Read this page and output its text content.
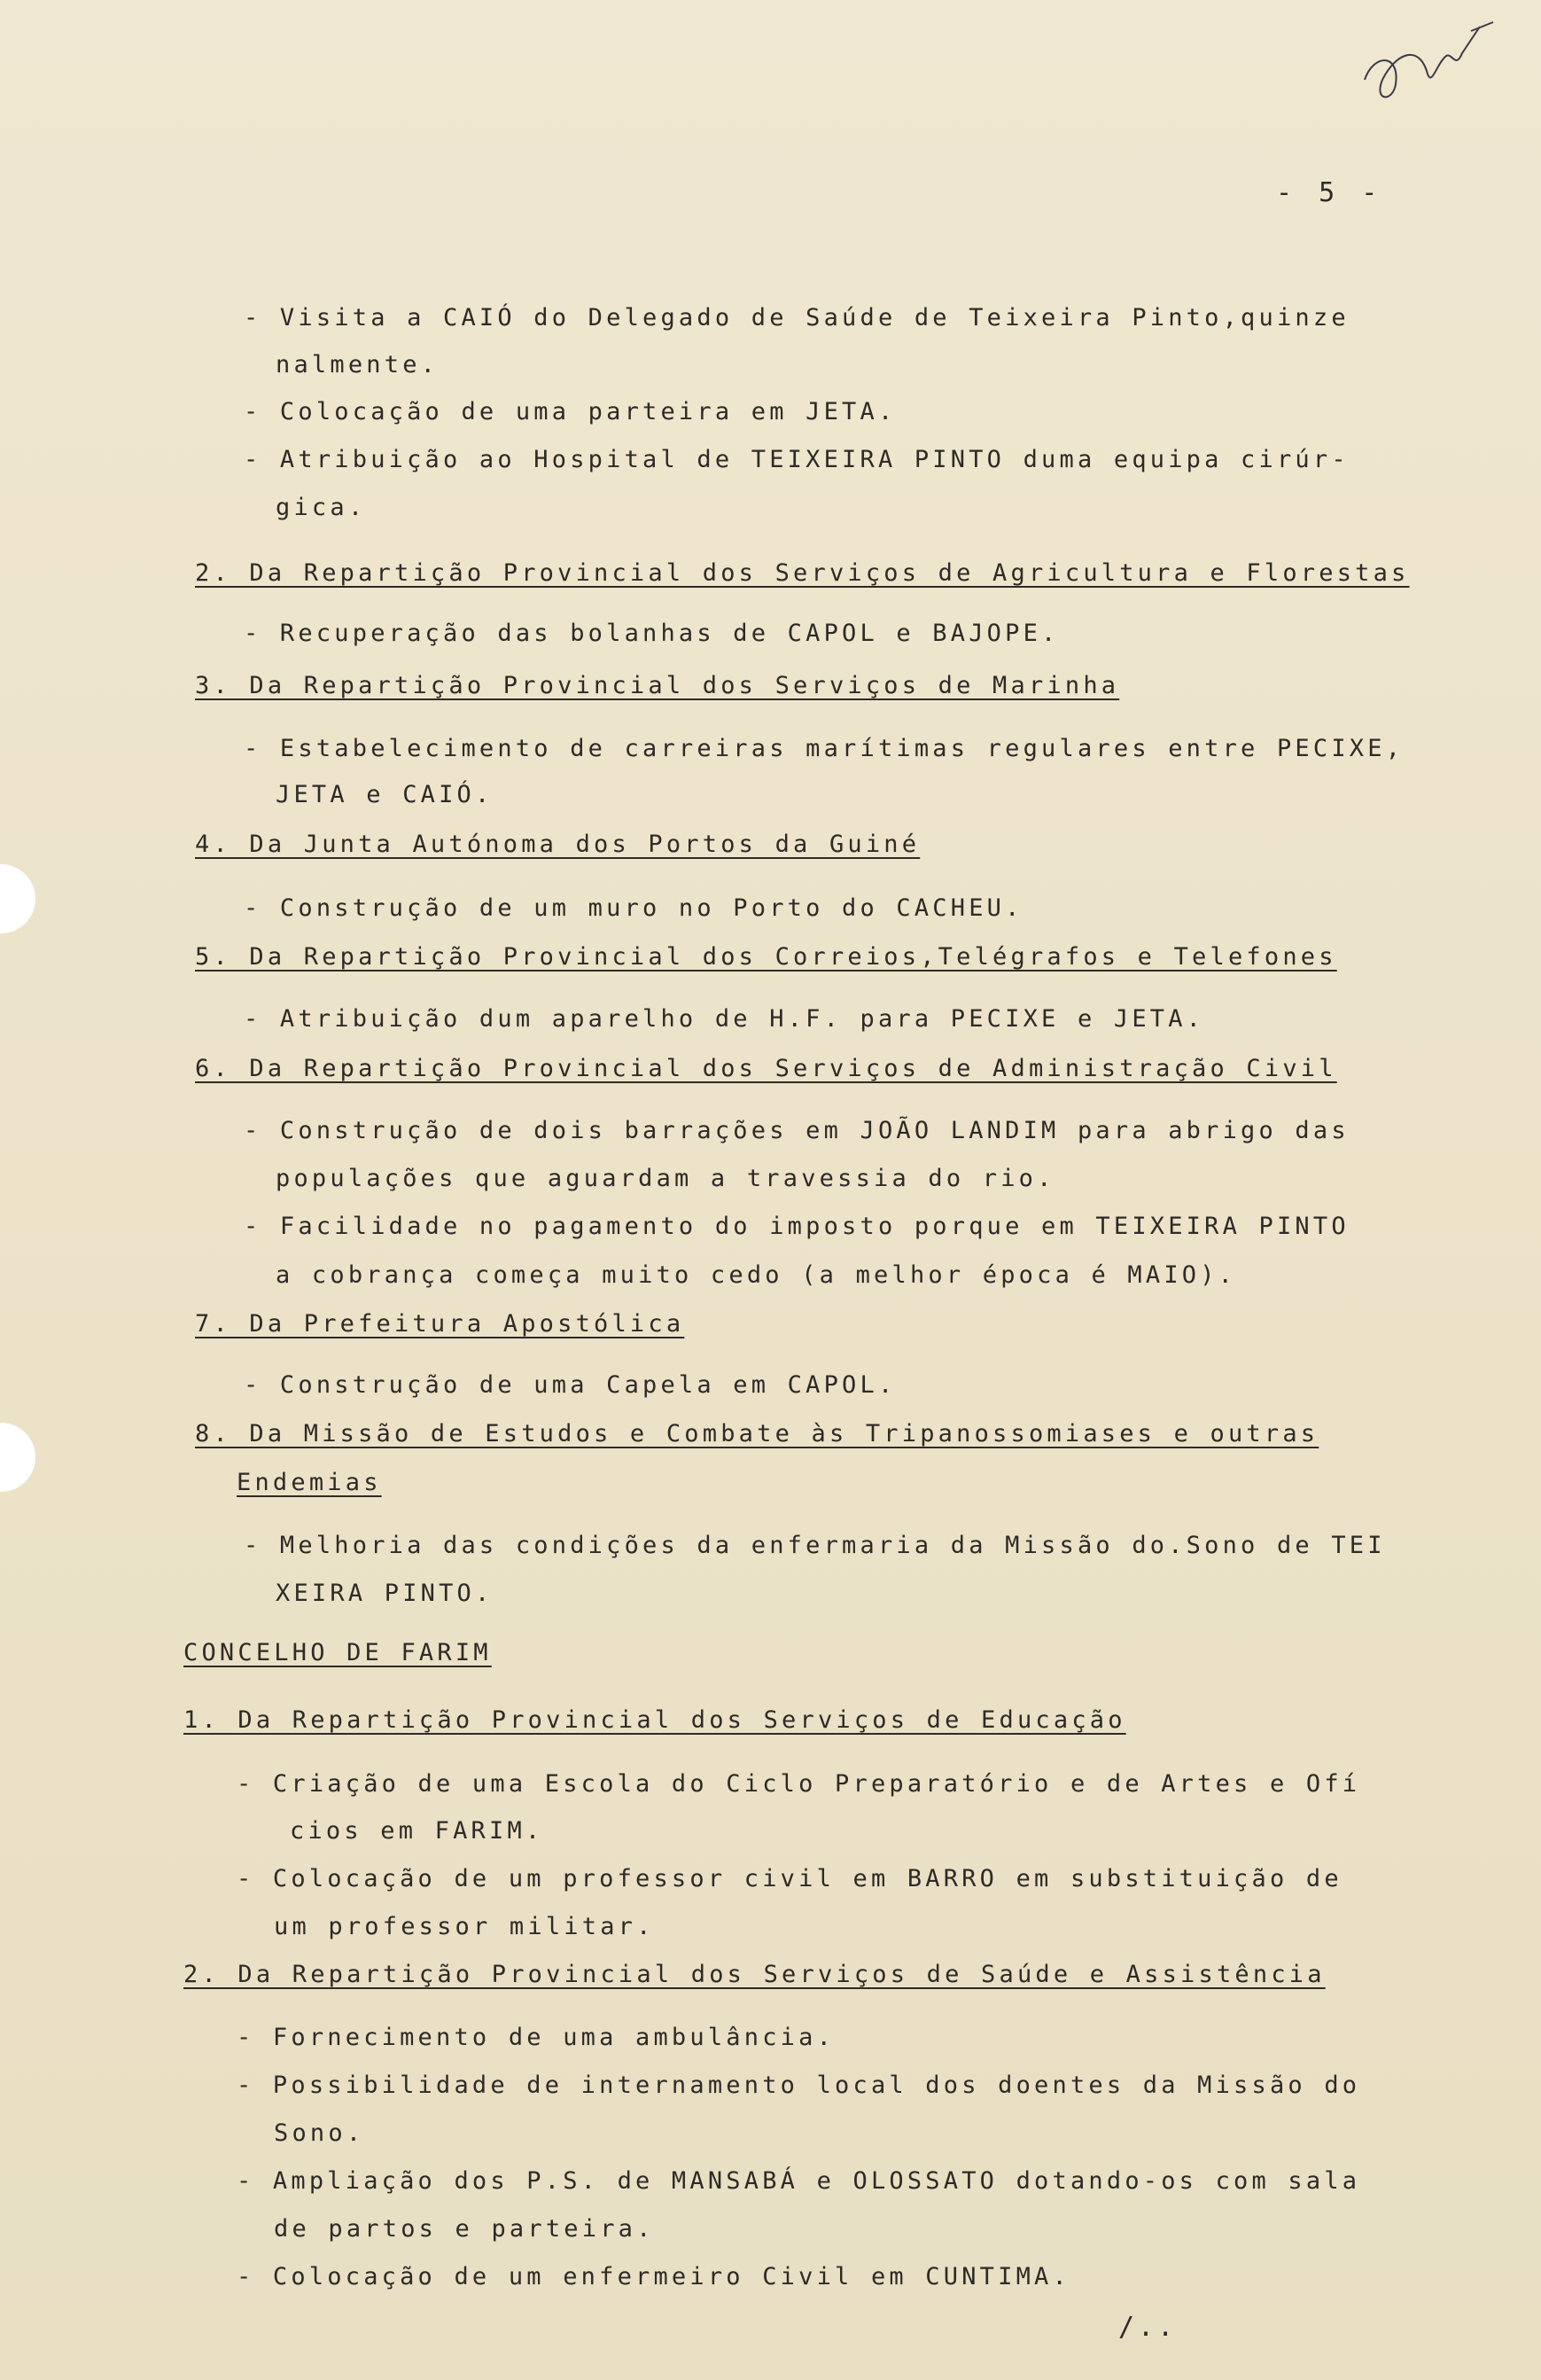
- 5 -
- Visita a CAIÓ do Delegado de Saúde de Teixeira Pinto,quinze
nalmente.
- Colocação de uma parteira em JETA.
- Atribuição ao Hospital de TEIXEIRA PINTO duma equipa cirúr-
gica.
2. Da Repartição Provincial dos Serviços de Agricultura e Florestas
- Recuperação das bolanhas de CAPOL e BAJOPE.
3. Da Repartição Provincial dos Serviços de Marinha
- Estabelecimento de carreiras marítimas regulares entre PECIXE,
JETA e CAIÓ.
4. Da Junta Autónoma dos Portos da Guiné
- Construção de um muro no Porto do CACHEU.
5. Da Repartição Provincial dos Correios,Telégrafos e Telefones
- Atribuição dum aparelho de H.F. para PECIXE e JETA.
6. Da Repartição Provincial dos Serviços de Administração Civil
- Construção de dois barrações em JOÃO LANDIM para abrigo das
populações que aguardam a travessia do rio.
- Facilidade no pagamento do imposto porque em TEIXEIRA PINTO
a cobrança começa muito cedo (a melhor época é MAIO).
7. Da Prefeitura Apostólica
- Construção de uma Capela em CAPOL.
8. Da Missão de Estudos e Combate às Tripanossomiases e outras
Endemias
- Melhoria das condições da enfermaria da Missão do.Sono de TEI
XEIRA PINTO.
CONCELHO DE FARIM
1. Da Repartição Provincial dos Serviços de Educação
- Criação de uma Escola do Ciclo Preparatório e de Artes e Ofí
cios em FARIM.
- Colocação de um professor civil em BARRO em substituição de
um professor militar.
2. Da Repartição Provincial dos Serviços de Saúde e Assistência
- Fornecimento de uma ambulância.
- Possibilidade de internamento local dos doentes da Missão do
Sono.
- Ampliação dos P.S. de MANSABÁ e OLOSSATO dotando-os com sala
de partos e parteira.
- Colocação de um enfermeiro Civil em CUNTIMA.
/..
